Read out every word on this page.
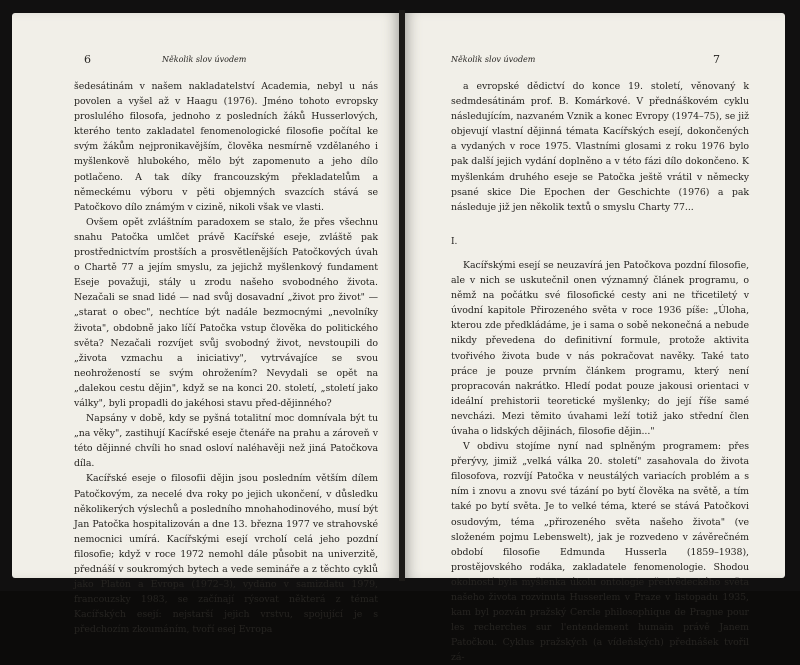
6	Několik slov úvodem

šedesátinám v našem nakladatelství Academia, nebyl u nás povolen a vyšel až v Haagu (1976). Jméno tohoto evropsky proslulého filosofa, jednoho z posledních žáků Husserlových, kterého tento zakladatel fenomenologické filosofie počítal ke svým žákům nejpronikavějším, člověka nesmírně vzdělaného i myšlenkově hlubokého, mělo být zapomenuto a jeho dílo potlačeno. A tak díky francouzským překladatelům a německému výboru v pěti objemných svazcích stává se Patočkovo dílo známým v cizině, nikoli však ve vlasti.

Ovšem opět zvláštním paradoxem se stalo, že přes všechnu snahu Patočka umlčet právě Kacířské eseje, zvláště pak prostřednictvím prostších a prosvětlenějších Patočkových úvah o Chartě 77 a jejím smyslu, za jejichž myšlenkový fundament Eseje považuji, stály u zrodu našeho svobodného života. Nezačali se snad lidé — nad svůj dosavadní „život pro život" — „starat o obec", nechtíce být nadále bezmocnými „nevolníky života", obdobně jako líčí Patočka vstup člověka do politického světa? Nezačali rozvíjet svůj svobodný život, nevstoupili do „života vzmachu a iniciativy", vytrvávajíce se svou neohrožeností se svým ohrožením? Nevydali se opět na „dalekou cestu dějin", když se na konci 20. století, „století jako války", byli propadli do jakéhosi stavu před-dějinného?

Napsány v době, kdy se pyšná totalitní moc domnívala být tu „na věky", zastihují Kacířské eseje čtenáře na prahu a zároveň v této dějinné chvíli ho snad osloví naléhavěji než jiná Patočkova díla.

Kacířské eseje o filosofii dějin jsou posledním větším dílem Patočkovým, za necelé dva roky po jejich ukončení, v důsledku několikerých výslechů a posledního mnohahodinového, musí být Jan Patočka hospitalizován a dne 13. března 1977 ve strahovské nemocnici umírá. Kacířskými esejí vrcholí celá jeho pozdní filosofie; když v roce 1972 nemohl dále působit na univerzitě, přednáší v soukromých bytech a vede semináře a z těchto cyklů jako Platón a Evropa (1972–3), vydáno v samizdatu 1979, francouzsky 1983, se začínají rýsovat některá z témat Kacířských esejí: nejstarší jejich vrstvu, spojující je s předchozím zkoumáním, tvoří esej Evropa

Několik slov úvodem	7

a evropské dědictví do konce 19. století, věnovaný k sedmdesátinám prof. B. Komárkové. V přednáškovém cyklu následujícím, nazvaném Vznik a konec Evropy (1974–75), se již objevují vlastní dějinná témata Kacířských esejí, dokončených a vydaných v roce 1975. Vlastními glosami z roku 1976 bylo pak další jejich vydání doplněno a v této fázi dílo dokončeno. K myšlenkám druhého eseje se Patočka ještě vrátil v německy psané skice Die Epochen der Geschichte (1976) a pak následuje již jen několik textů o smyslu Charty 77...

I.

Kacířskými esejí se neuzavírá jen Patočkova pozdní filosofie, ale v nich se uskutečnil onen významný článek programu, o němž na počátku své filosofické cesty ani ne třicetiletý v úvodní kapitole Přirozeného světa v roce 1936 píše: „Úloha, kterou zde předkládáme, je i sama o sobě nekonečná a nebude nikdy převedena do definitivní formule, protože aktivita tvořivého života bude v nás pokračovat navěky. Také tato práce je pouze prvním článkem programu, který není propracován nakrátko. Hledí podat pouze jakousi orientaci v ideální prehistorii teoretické myšlenky; do její říše samé nevcházi. Mezi těmito úvahami leží totiž jako střední člen úvaha o lidských dějinách, filosofie dějin..."

V obdivu stojíme nyní nad splněným programem: přes přerývy, jimiž „velká válka 20. století" zasahovala do života filosofova, rozvíjí Patočka v neustálých variacích problém a s ním i znovu a znovu své tázání po bytí člověka na světě, a tím také po bytí světa. Je to velké téma, které se stává Patočkovi osudovým, téma „přirozeného světa našeho života" (ve složeném pojmu Lebenswelt), jak je rozvedeno v závěrečném období filosofie Edmunda Husserla (1859–1938), prostějovského rodáka, zakladatele fenomenologie. Shodou okolností byla myšlenka úkolu ontologie předvědeckého světa našeho života rozvinuta Husserlem v Praze v listopadu 1935, kam byl pozván pražský Cercle philosophique de Prague pour les recherches sur l'entendement humain právě Janem Patočkou. Cyklus pražských (a vídeňských) přednášek tvořil zá-
